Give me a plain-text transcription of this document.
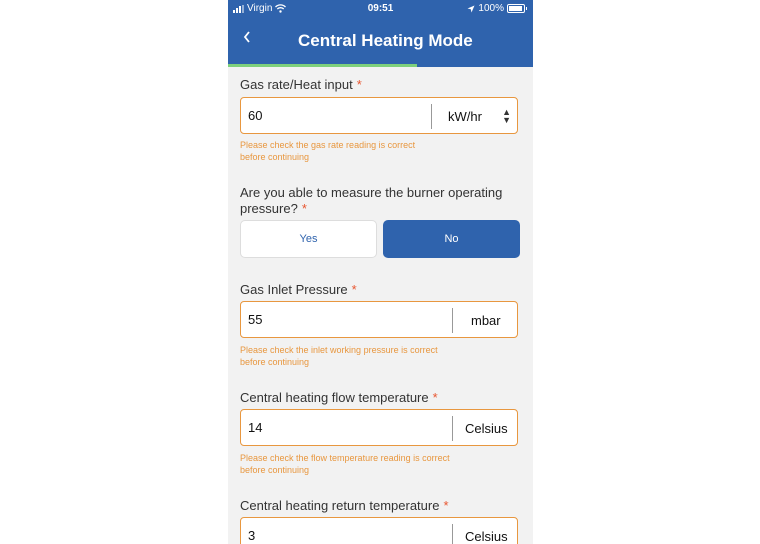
Virgin	09:51	100%
Central Heating Mode
Gas rate/Heat input *
60	kW/hr ▲
▼
Please check the gas rate reading is correct
before continuing
Are you able to measure the burner operating
pressure? *
Yes	No
Gas Inlet Pressure *
55	mbar
Please check the inlet working pressure is correct
before continuing
Central heating flow temperature *
14	Celsius
Please check the flow temperature reading is correct
before continuing
Central heating return temperature *
3	Celsius
